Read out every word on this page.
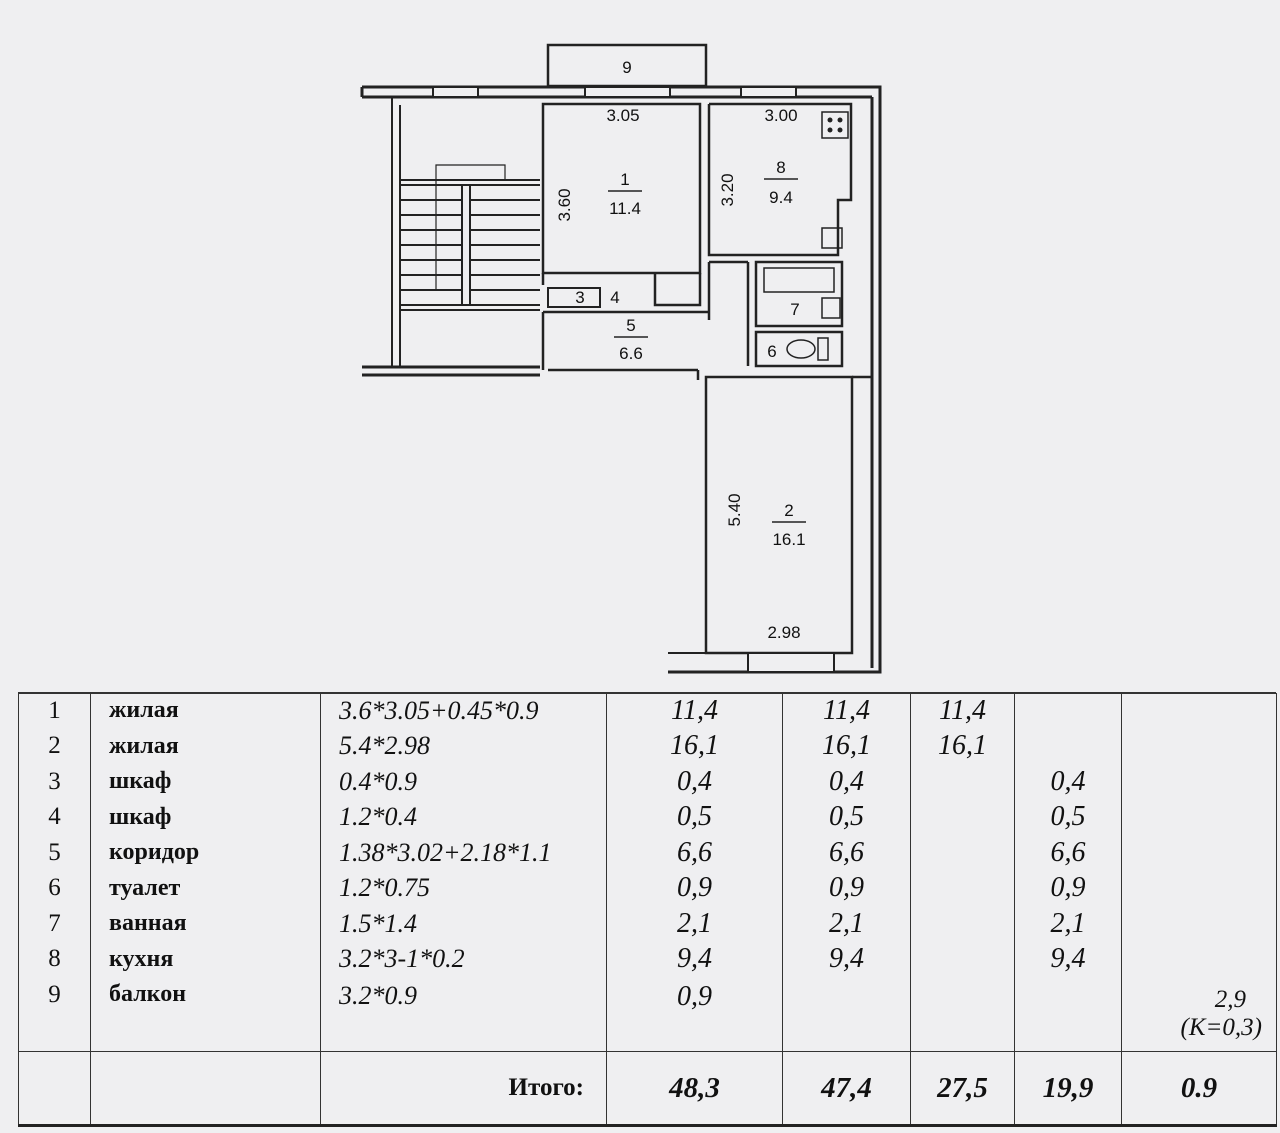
9
3.05
3.60
1
11.4
3.00
3.20
8
9.4
5
6.6
5.40 2
16.1
2.98
3 4
7
6
1	жилая	3.6*3.05+0.45*0.9	11,4	11,4	11,4		
2	жилая	5.4*2.98	16,1	16,1	16,1		
3	шкаф	0.4*0.9	0,4	0,4		0,4	
4	шкаф	1.2*0.4	0,5	0,5		0,5	
5	коридор	1.38*3.02+2.18*1.1	6,6	6,6		6,6	
6	туалет	1.2*0.75	0,9	0,9		0,9	
7	ванная	1.5*1.4	2,1	2,1		2,1	
8	кухня	3.2*3-1*0.2	9,4	9,4		9,4	
9	балкон	3.2*0.9	0,9				2,9
(K=0,3)

		Итого:	48,3	47,4	27,5	19,9	0.9
